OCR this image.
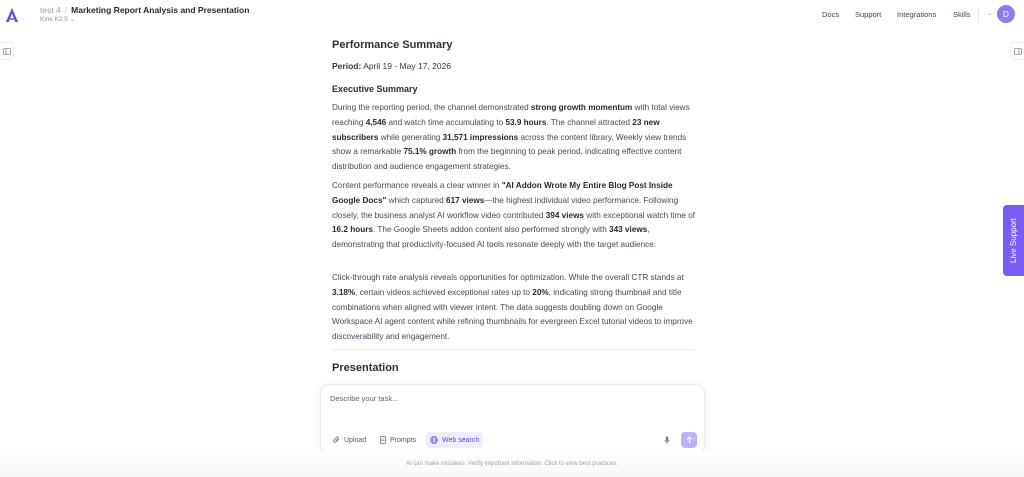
test 4 / Marketing Report Analysis and Presentation
Kimi K2.5 ⌄
Docs Support Integrations Skills	⌄ D
Live Support
Performance Summary
Period: April 19 - May 17, 2026
Executive Summary

During the reporting period, the channel demonstrated strong growth momentum with total views reaching 4,546 and watch time accumulating to 53.9 hours. The channel attracted 23 new subscribers while generating 31,571 impressions across the content library. Weekly view trends show a remarkable 75.1% growth from the beginning to peak period, indicating effective content distribution and audience engagement strategies.

Content performance reveals a clear winner in "AI Addon Wrote My Entire Blog Post Inside Google Docs" which captured 617 views—the highest individual video performance. Following closely, the business analyst AI workflow video contributed 394 views with exceptional watch time of 16.2 hours. The Google Sheets addon content also performed strongly with 343 views, demonstrating that productivity-focused AI tools resonate deeply with the target audience.

Click-through rate analysis reveals opportunities for optimization. While the overall CTR stands at 3.18%, certain videos achieved exceptional rates up to 20%, indicating strong thumbnail and title combinations when aligned with viewer intent. The data suggests doubling down on Google Workspace AI agent content while refining thumbnails for evergreen Excel tutorial videos to improve discoverability and engagement.

Presentation
Describe your task...
Upload	Prompts	Web search
AI can make mistakes. Verify important information. Click to view best practices.
